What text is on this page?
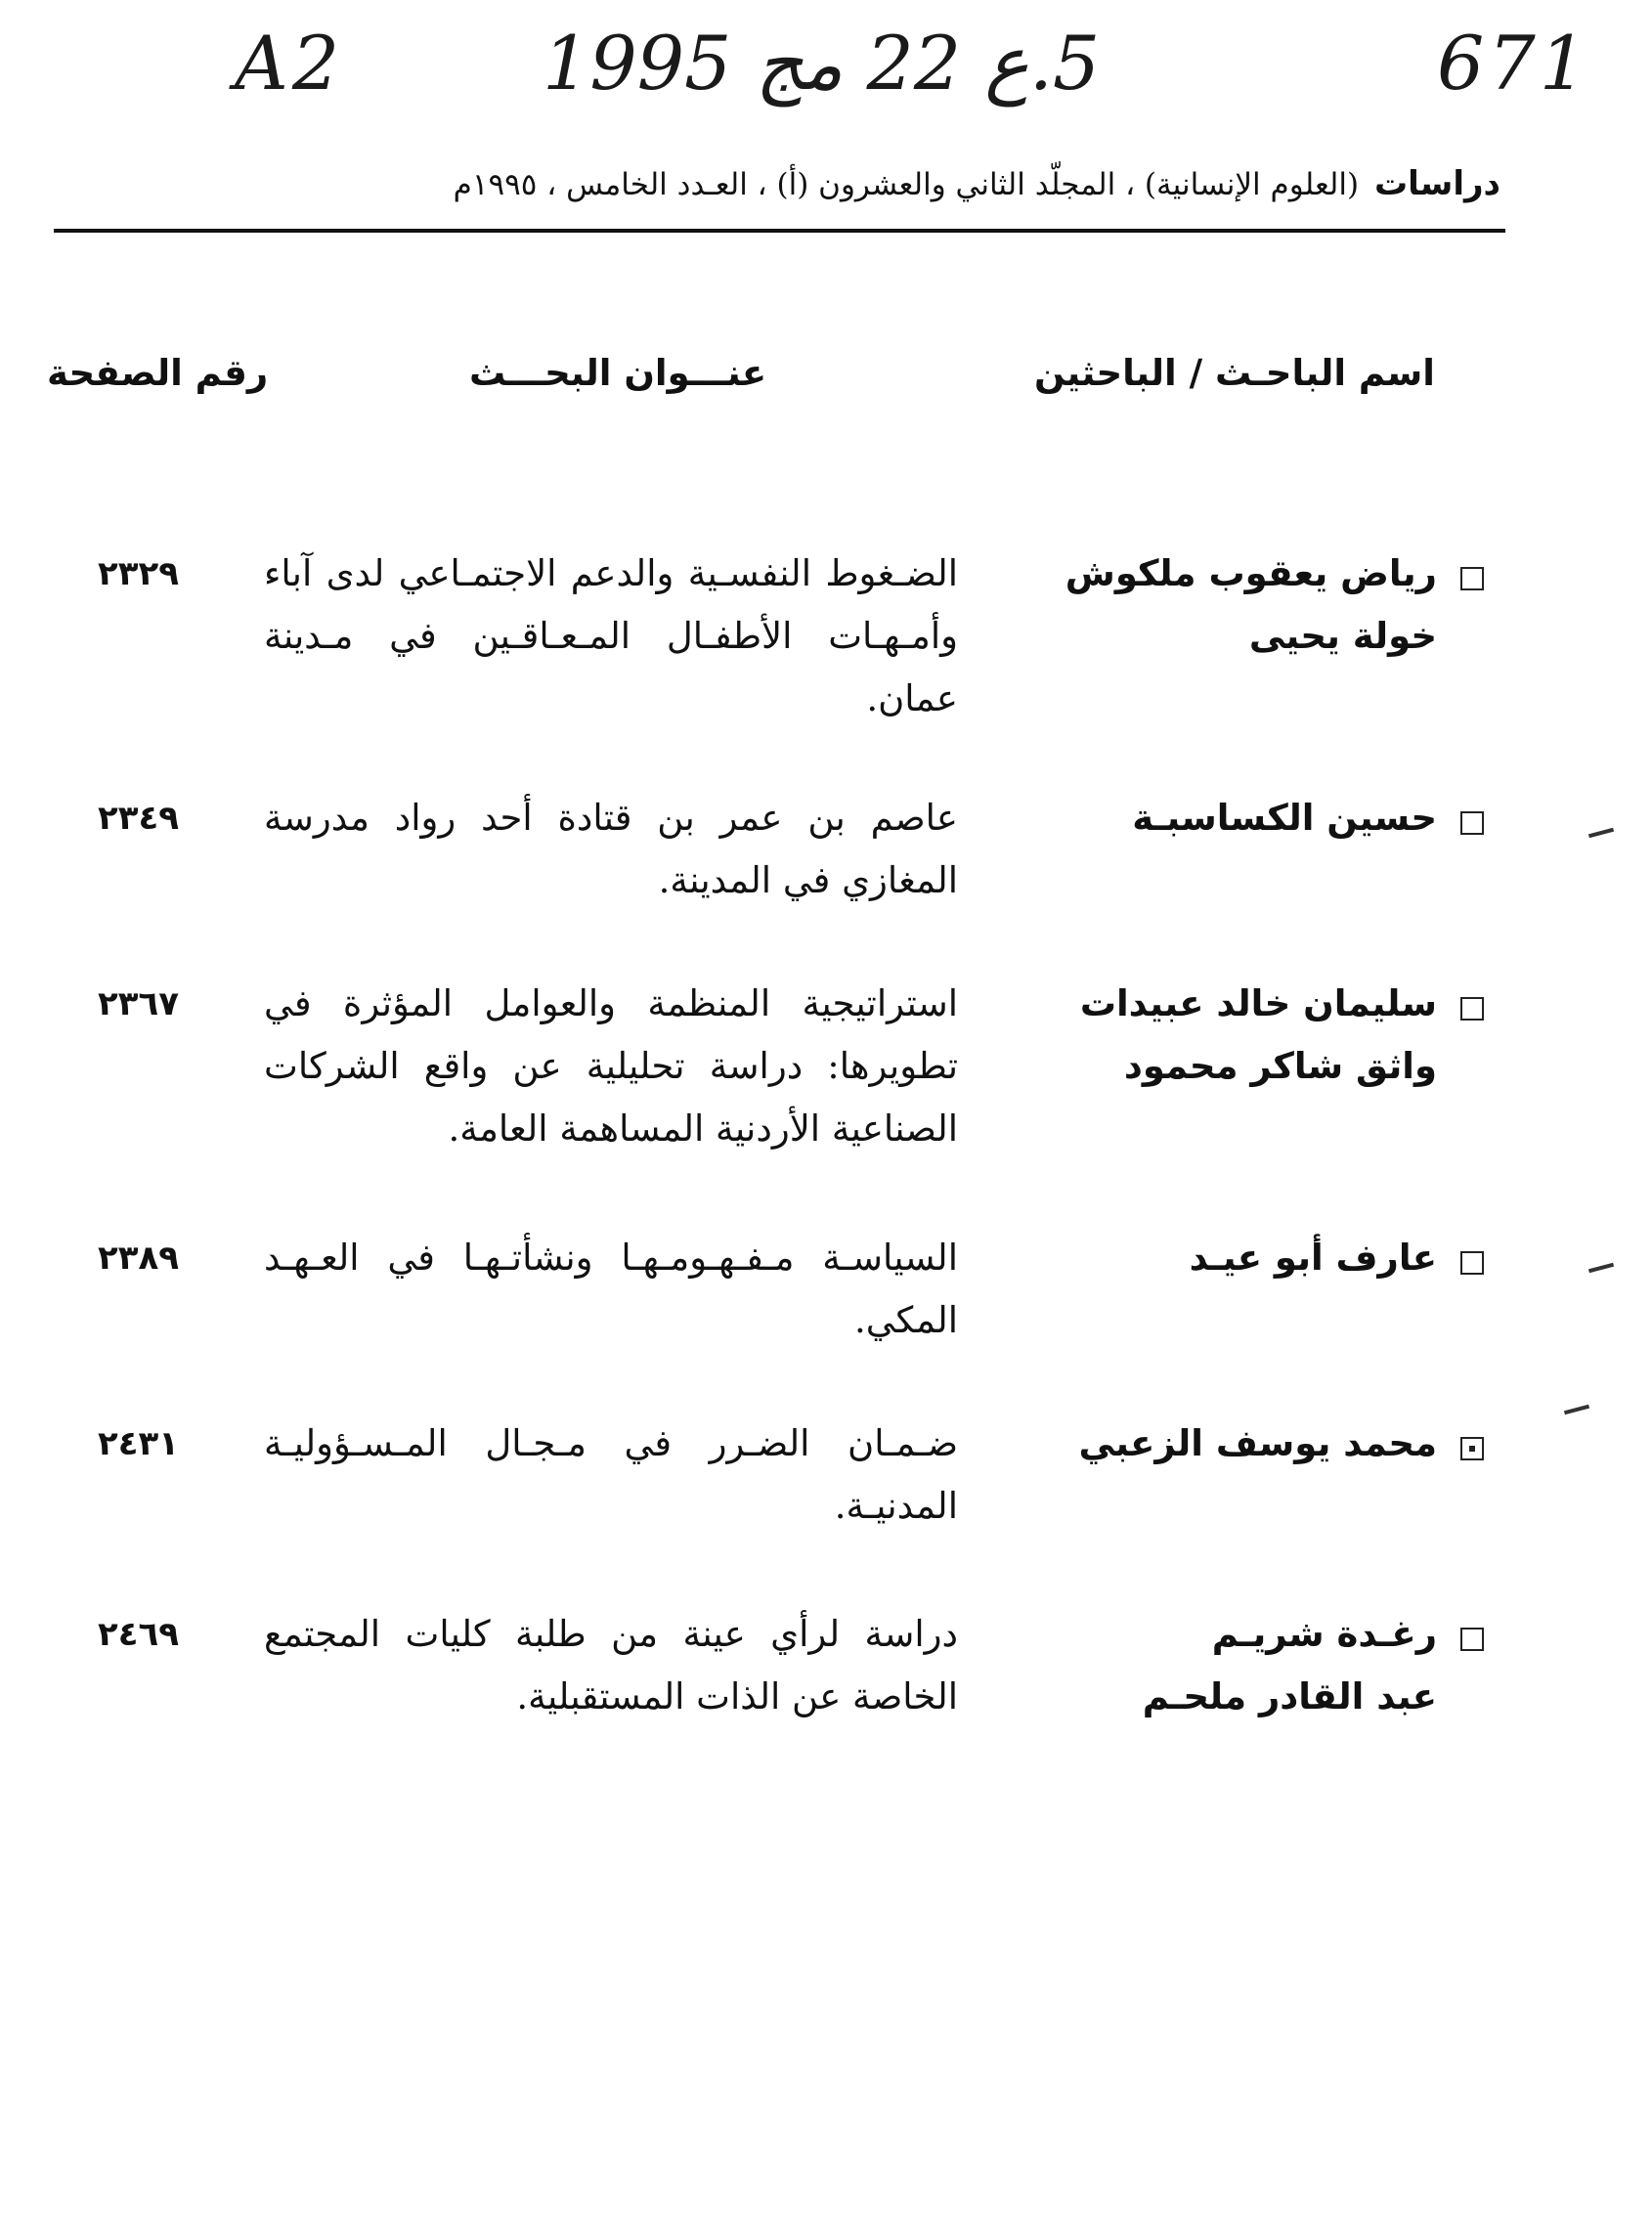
A2	5.ع 22 مج 1995	671
دراسات (العلوم الإنسانية) ، المجلّد الثاني والعشرون (أ) ، العـدد الخامس ، ١٩٩٥م
اسم الباحـث / الباحثين
عنـــوان البحـــث
رقم الصفحة
رياض يعقوب ملكوش
خولة يحيى
الضـغوط النفسـية والدعم الاجتمـاعي لدى آباء وأمـهـات الأطفـال المـعـاقـين في مـدينة عمان.
٢٣٢٩
حسين الكساسبـة
عاصم بن عمر بن قتادة أحد رواد مدرسة المغازي في المدينة.
٢٣٤٩
سليمان خالد عبيدات
واثق شاكر محمود
استراتيجية المنظمة والعوامل المؤثرة في تطويرها: دراسة تحليلية عن واقع الشركات الصناعية الأردنية المساهمة العامة.
٢٣٦٧
عارف أبو عيـد
السياسـة مـفـهـومـهـا ونشأتـهـا في العـهـد المكي.
٢٣٨٩
محمد يوسف الزعبي
ضـمـان الضـرر في مـجـال المـسـؤوليـة المدنيـة.
٢٤٣١
رغـدة شريـم
عبد القادر ملحـم
دراسة لرأي عينة من طلبة كليات المجتمع الخاصة عن الذات المستقبلية.
٢٤٦٩
